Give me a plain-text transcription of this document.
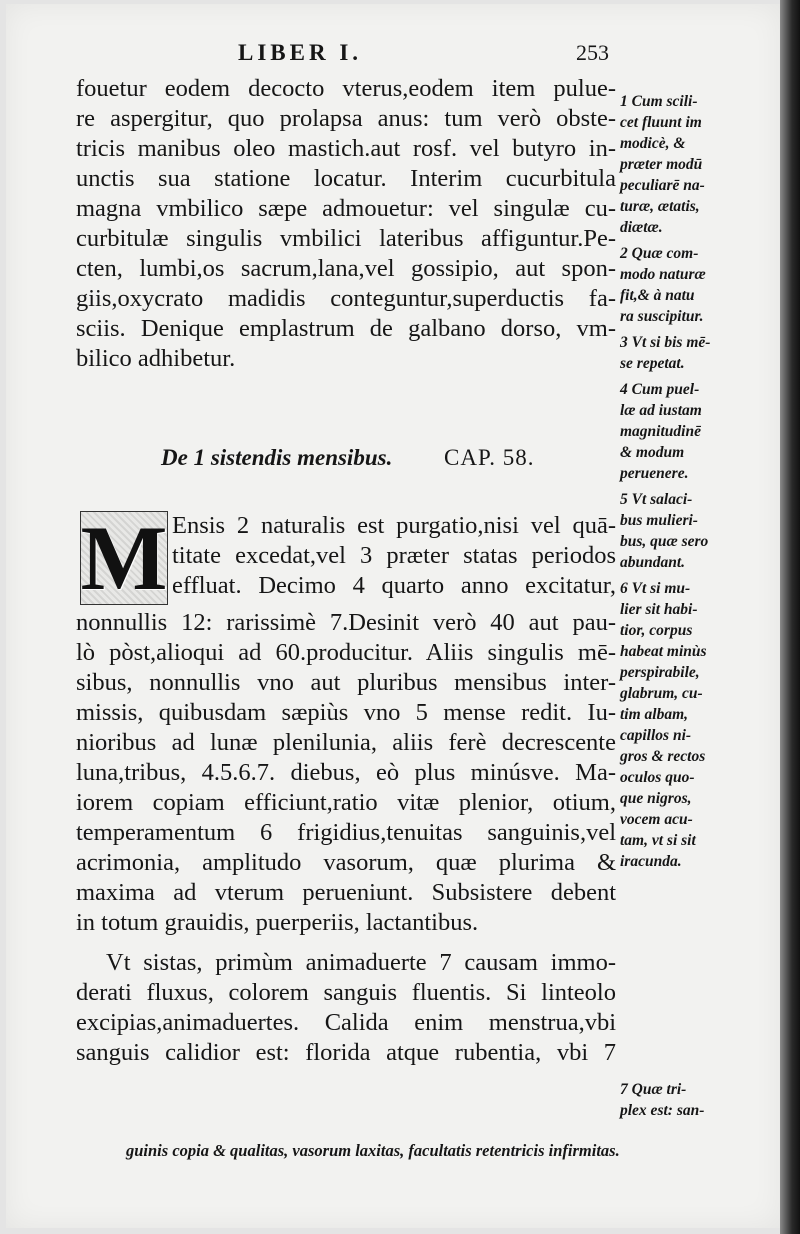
LIBER I.	253

fouetur eodem decocto vterus,eodem item pulue-

re aspergitur, quo prolapsa anus: tum verò obste-

tricis manibus oleo mastich.aut rosf. vel butyro in-

unctis sua statione locatur. Interim cucurbitula

magna vmbilico sæpe admouetur: vel singulæ cu-

curbitulæ singulis vmbilici lateribus affiguntur.Pe-

cten, lumbi,os sacrum,lana,vel gossipio, aut spon-

giis,oxycrato madidis conteguntur,superductis fa-

sciis. Denique emplastrum de galbano dorso, vm-

bilico adhibetur.

De 1 sistendis mensibus. CAP. 58.
M Ensis 2 naturalis est purgatio,nisi vel quā-

titate excedat,vel 3 præter statas periodos

effluat. Decimo 4 quarto anno excitatur,

nonnullis 12: rarissimè 7.Desinit verò 40 aut pau-

lò pòst,alioqui ad 60.producitur. Aliis singulis mē-

sibus, nonnullis vno aut pluribus mensibus inter-

missis, quibusdam sæpiùs vno 5 mense redit. Iu-

nioribus ad lunæ plenilunia, aliis ferè decrescente

luna,tribus, 4.5.6.7. diebus, eò plus minúsve. Ma-

iorem copiam efficiunt,ratio vitæ plenior, otium,

temperamentum 6 frigidius,tenuitas sanguinis,vel

acrimonia, amplitudo vasorum, quæ plurima &

maxima ad vterum perueniunt. Subsistere debent

in totum grauidis, puerperiis, lactantibus.

Vt sistas, primùm animaduerte 7 causam immo-

derati fluxus, colorem sanguis fluentis. Si linteolo

excipias,animaduertes. Calida enim menstrua,vbi

sanguis calidior est: florida atque rubentia, vbi 7

1 Cum scili-

cet fluunt im

modicè, &

præter modū

peculiarē na-

turæ, ætatis,

diætæ.

2 Quæ com-

modo naturæ

fit,& à natu

ra suscipitur.

3 Vt si bis mē-

se repetat.

4 Cum puel-

læ ad iustam

magnitudinē

& modum

peruenere.

5 Vt salaci-

bus mulieri-

bus, quæ sero

abundant.

6 Vt si mu-

lier sit habi-

tior, corpus

habeat minùs

perspirabile,

glabrum, cu-

tim albam,

capillos ni-

gros & rectos

oculos quo-

que nigros,

vocem acu-

tam, vt si sit

iracunda.

7 Quæ tri-

plex est: san-

guinis copia & qualitas, vasorum laxitas, facultatis retentricis infirmitas.
